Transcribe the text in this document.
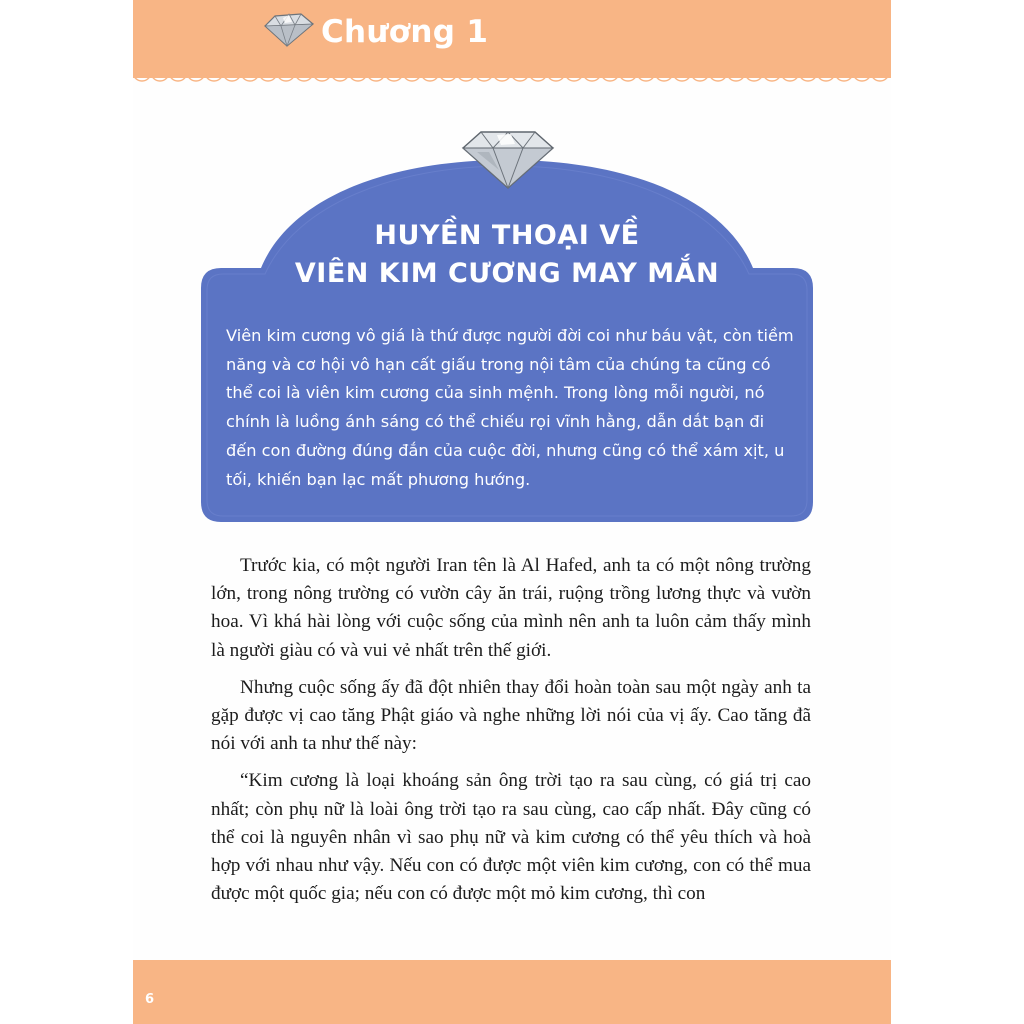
Chương 1
HUYỀN THOẠI VỀ
VIÊN KIM CƯƠNG MAY MẮN
Viên kim cương vô giá là thứ được người đời coi như báu vật, còn tiềm năng và cơ hội vô hạn cất giấu trong nội tâm của chúng ta cũng có thể coi là viên kim cương của sinh mệnh. Trong lòng mỗi người, nó chính là luồng ánh sáng có thể chiếu rọi vĩnh hằng, dẫn dắt bạn đi đến con đường đúng đắn của cuộc đời, nhưng cũng có thể xám xịt, u tối, khiến bạn lạc mất phương hướng.

Trước kia, có một người Iran tên là Al Hafed, anh ta có một nông trường lớn, trong nông trường có vườn cây ăn trái, ruộng trồng lương thực và vườn hoa. Vì khá hài lòng với cuộc sống của mình nên anh ta luôn cảm thấy mình là người giàu có và vui vẻ nhất trên thế giới.

Nhưng cuộc sống ấy đã đột nhiên thay đổi hoàn toàn sau một ngày anh ta gặp được vị cao tăng Phật giáo và nghe những lời nói của vị ấy. Cao tăng đã nói với anh ta như thế này:

“Kim cương là loại khoáng sản ông trời tạo ra sau cùng, có giá trị cao nhất; còn phụ nữ là loài ông trời tạo ra sau cùng, cao cấp nhất. Đây cũng có thể coi là nguyên nhân vì sao phụ nữ và kim cương có thể yêu thích và hoà hợp với nhau như vậy. Nếu con có được một viên kim cương, con có thể mua được một quốc gia; nếu con có được một mỏ kim cương, thì con

6
